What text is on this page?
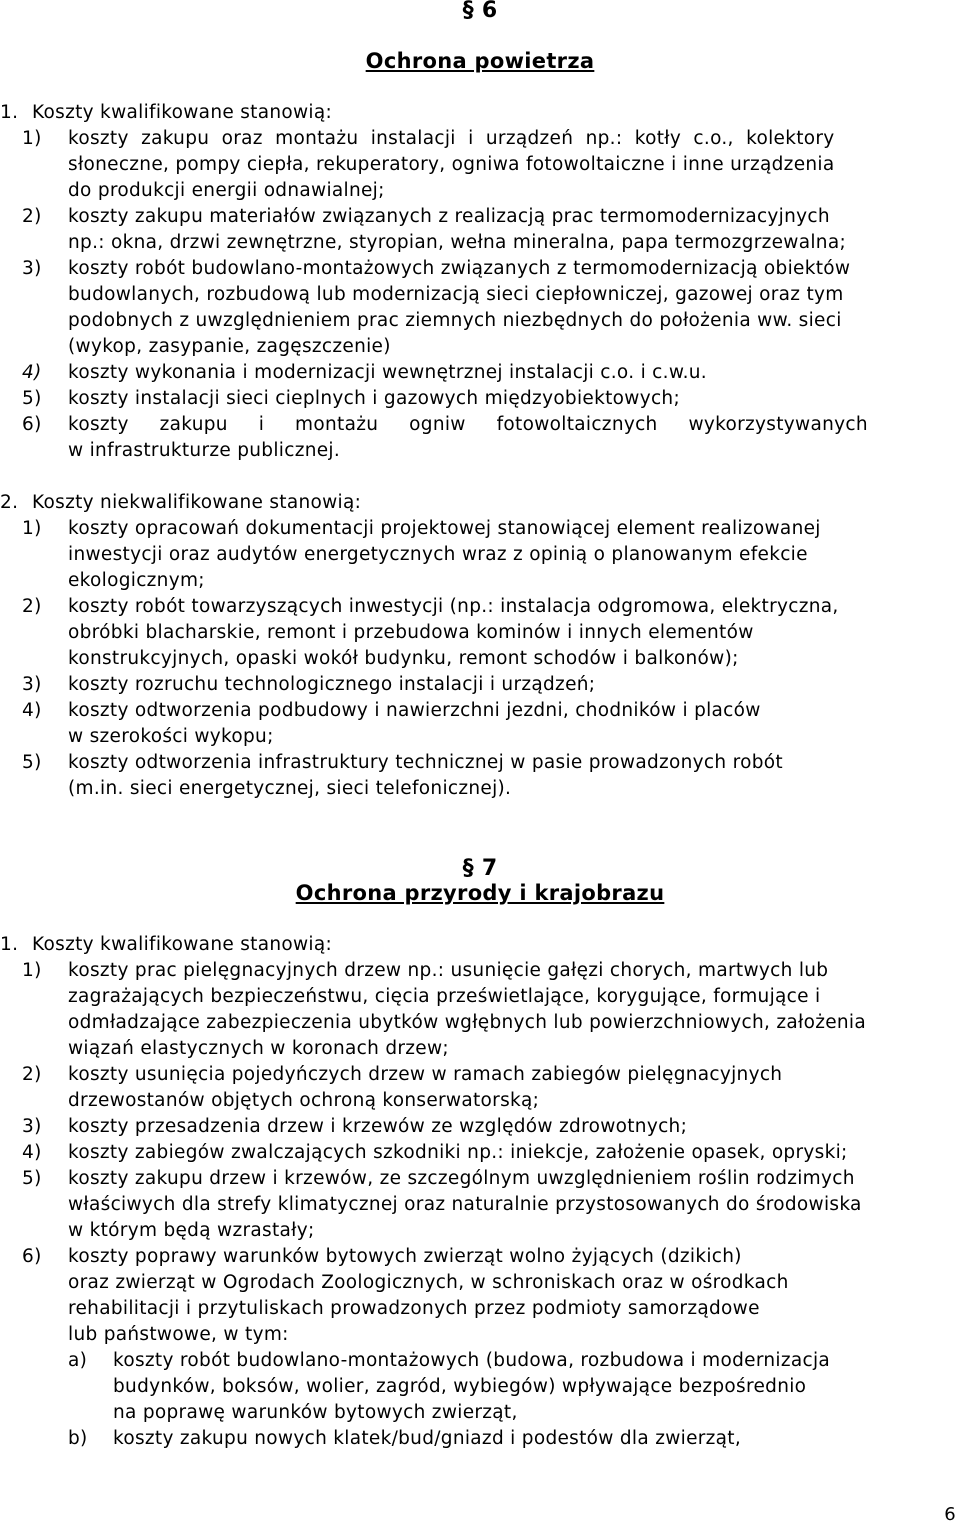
§ 6
Ochrona powietrza
1. Koszty kwalifikowane stanowią:
1) koszty  zakupu  oraz  montażu  instalacji  i  urządzeń  np.:  kotły  c.o.,  kolektory
słoneczne, pompy ciepła, rekuperatory, ogniwa fotowoltaiczne i inne urządzenia
do produkcji energii odnawialnej;
2) koszty zakupu materiałów związanych z realizacją prac termomodernizacyjnych
np.: okna, drzwi zewnętrzne, styropian, wełna mineralna, papa termozgrzewalna;
3) koszty robót budowlano-montażowych związanych z termomodernizacją obiektów
budowlanych, rozbudową lub modernizacją sieci ciepłowniczej, gazowej oraz tym
podobnych z uwzględnieniem prac ziemnych niezbędnych do położenia ww. sieci
(wykop, zasypanie, zagęszczenie)
4) koszty wykonania i modernizacji wewnętrznej instalacji c.o. i c.w.u.
5) koszty instalacji sieci cieplnych i gazowych międzyobiektowych;
6) koszty     zakupu     i     montażu     ogniw     fotowoltaicznych     wykorzystywanych
w infrastrukturze publicznej.
2. Koszty niekwalifikowane stanowią:
1) koszty opracowań dokumentacji projektowej stanowiącej element realizowanej
inwestycji oraz audytów energetycznych wraz z opinią o planowanym efekcie
ekologicznym;
2) koszty robót towarzyszących inwestycji (np.: instalacja odgromowa, elektryczna,
obróbki blacharskie, remont i przebudowa kominów i innych elementów
konstrukcyjnych, opaski wokół budynku, remont schodów i balkonów);
3) koszty rozruchu technologicznego instalacji i urządzeń;
4) koszty odtworzenia podbudowy i nawierzchni jezdni, chodników i placów
w szerokości wykopu;
5) koszty odtworzenia infrastruktury technicznej w pasie prowadzonych robót
(m.in. sieci energetycznej, sieci telefonicznej).
§ 7
Ochrona przyrody i krajobrazu
1. Koszty kwalifikowane stanowią:
1) koszty prac pielęgnacyjnych drzew np.: usunięcie gałęzi chorych, martwych lub
zagrażających bezpieczeństwu, cięcia prześwietlające, korygujące, formujące i
odmładzające zabezpieczenia ubytków wgłębnych lub powierzchniowych, założenia
wiązań elastycznych w koronach drzew;
2) koszty usunięcia pojedyńczych drzew w ramach zabiegów pielęgnacyjnych
drzewostanów objętych ochroną konserwatorską;
3) koszty przesadzenia drzew i krzewów ze względów zdrowotnych;
4) koszty zabiegów zwalczających szkodniki np.: iniekcje, założenie opasek, opryski;
5) koszty zakupu drzew i krzewów, ze szczególnym uwzględnieniem roślin rodzimych
właściwych dla strefy klimatycznej oraz naturalnie przystosowanych do środowiska
w którym będą wzrastały;
6) koszty poprawy warunków bytowych zwierząt wolno żyjących (dzikich)
oraz zwierząt w Ogrodach Zoologicznych, w schroniskach oraz w ośrodkach
rehabilitacji i przytuliskach prowadzonych przez podmioty samorządowe
lub państwowe, w tym:
a) koszty robót budowlano-montażowych (budowa, rozbudowa i modernizacja
budynków, boksów, wolier, zagród, wybiegów) wpływające bezpośrednio
na poprawę warunków bytowych zwierząt,
b) koszty zakupu nowych klatek/bud/gniazd i podestów dla zwierząt,
6
